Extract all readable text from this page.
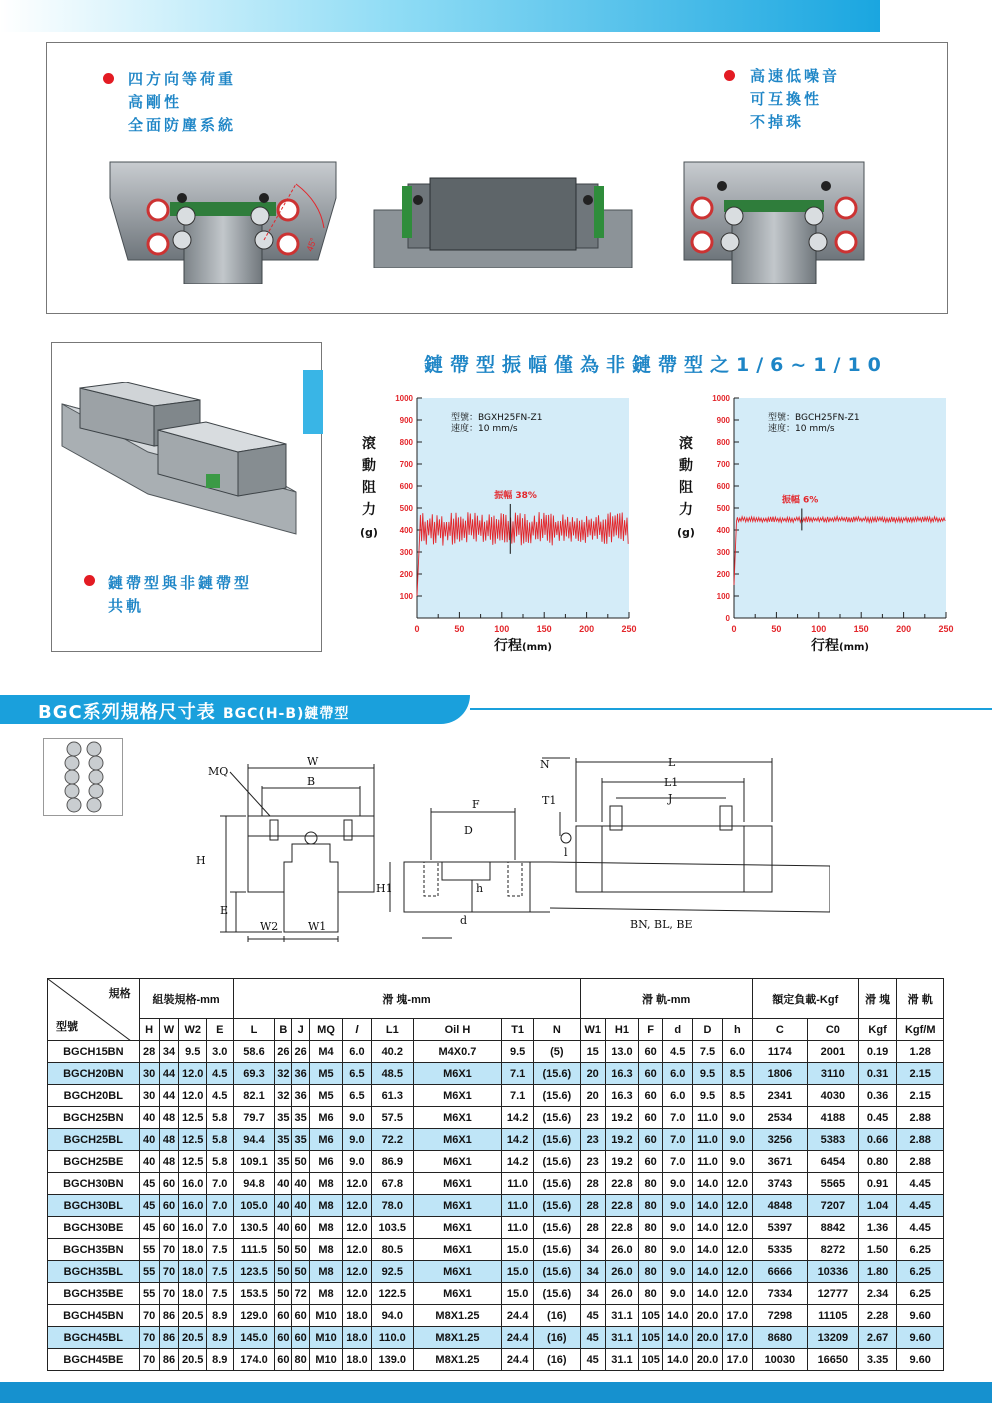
四方向等荷重
高剛性
全面防塵系統
高速低噪音
可互換性
不掉珠
45°
鏈帶型與非鏈帶型
共軌
鏈帶型振幅僅為非鏈帶型之1/6~1/10
100
200
300
400
500
600
700
800
900
1000
0	50	100	150	200	250
滾
動
阻
力
(g)
行程(mm)
型號：BGXH25FN-Z1
速度：10 mm/s
振幅 38%
0
100
200
300
400
500
600
700
800
900
1000
0	50	100	150	200	250
滾
動
阻
力
(g)
行程(mm)
型號：BGCH25FN-Z1
速度：10 mm/s
振幅 6%
BGC系列規格尺寸表 BGC(H-B)鏈帶型
W
B
MQ
H
E
W2	W1
F
D
d
H1	h
N
T1
l
L
L1
J
BN, BL, BE
規格
型號	組裝規格-mm				滑 塊-mm									滑 軌-mm						額定負載-Kgf		滑 塊	滑 軌
	H	W	W2	E	L	B	J	MQ	l	L1	Oil H	T1	N	W1	H1	F	d	D	h	C	C0	Kgf	Kgf/M
BGCH15BN	28	34	9.5	3.0	58.6	26	26	M4	6.0	40.2	M4X0.7	9.5	(5)	15	13.0	60	4.5	7.5	6.0	1174	2001	0.19	1.28
BGCH20BN	30	44	12.0	4.5	69.3	32	36	M5	6.5	48.5	M6X1	7.1	(15.6)	20	16.3	60	6.0	9.5	8.5	1806	3110	0.31	2.15
BGCH20BL	30	44	12.0	4.5	82.1	32	36	M5	6.5	61.3	M6X1	7.1	(15.6)	20	16.3	60	6.0	9.5	8.5	2341	4030	0.36	2.15
BGCH25BN	40	48	12.5	5.8	79.7	35	35	M6	9.0	57.5	M6X1	14.2	(15.6)	23	19.2	60	7.0	11.0	9.0	2534	4188	0.45	2.88
BGCH25BL	40	48	12.5	5.8	94.4	35	35	M6	9.0	72.2	M6X1	14.2	(15.6)	23	19.2	60	7.0	11.0	9.0	3256	5383	0.66	2.88
BGCH25BE	40	48	12.5	5.8	109.1	35	50	M6	9.0	86.9	M6X1	14.2	(15.6)	23	19.2	60	7.0	11.0	9.0	3671	6454	0.80	2.88
BGCH30BN	45	60	16.0	7.0	94.8	40	40	M8	12.0	67.8	M6X1	11.0	(15.6)	28	22.8	80	9.0	14.0	12.0	3743	5565	0.91	4.45
BGCH30BL	45	60	16.0	7.0	105.0	40	40	M8	12.0	78.0	M6X1	11.0	(15.6)	28	22.8	80	9.0	14.0	12.0	4848	7207	1.04	4.45
BGCH30BE	45	60	16.0	7.0	130.5	40	60	M8	12.0	103.5	M6X1	11.0	(15.6)	28	22.8	80	9.0	14.0	12.0	5397	8842	1.36	4.45
BGCH35BN	55	70	18.0	7.5	111.5	50	50	M8	12.0	80.5	M6X1	15.0	(15.6)	34	26.0	80	9.0	14.0	12.0	5335	8272	1.50	6.25
BGCH35BL	55	70	18.0	7.5	123.5	50	50	M8	12.0	92.5	M6X1	15.0	(15.6)	34	26.0	80	9.0	14.0	12.0	6666	10336	1.80	6.25
BGCH35BE	55	70	18.0	7.5	153.5	50	72	M8	12.0	122.5	M6X1	15.0	(15.6)	34	26.0	80	9.0	14.0	12.0	7334	12777	2.34	6.25
BGCH45BN	70	86	20.5	8.9	129.0	60	60	M10	18.0	94.0	M8X1.25	24.4	(16)	45	31.1	105	14.0	20.0	17.0	7298	11105	2.28	9.60
BGCH45BL	70	86	20.5	8.9	145.0	60	60	M10	18.0	110.0	M8X1.25	24.4	(16)	45	31.1	105	14.0	20.0	17.0	8680	13209	2.67	9.60
BGCH45BE	70	86	20.5	8.9	174.0	60	80	M10	18.0	139.0	M8X1.25	24.4	(16)	45	31.1	105	14.0	20.0	17.0	10030	16650	3.35	9.60
